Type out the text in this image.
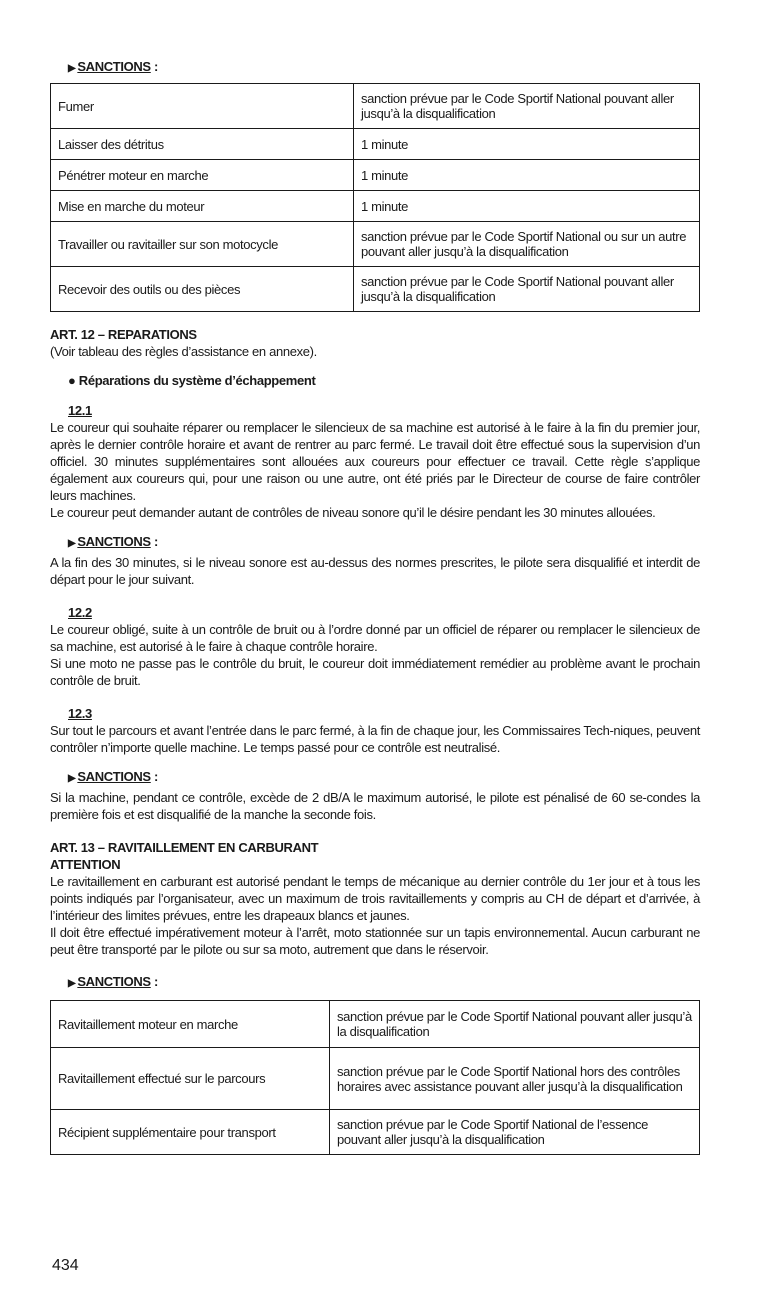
▶ SANCTIONS :
Fumer	sanction prévue par le Code Sportif National pouvant aller jusqu’à la disqualification
Laisser des détritus	1 minute
Pénétrer moteur en marche	1 minute
Mise en marche du moteur	1 minute
Travailler ou ravitailler sur son motocycle	sanction prévue par le Code Sportif National ou sur un autre pouvant aller jusqu’à la disqualification
Recevoir des outils ou des pièces	sanction prévue par le Code Sportif National pouvant aller jusqu’à la disqualification
ART. 12 – REPARATIONS
(Voir tableau des règles d’assistance en annexe).
● Réparations du système d’échappement
12.1

Le coureur qui souhaite réparer ou remplacer le silencieux de sa machine est autorisé à le faire à la fin du premier jour, après le dernier contrôle horaire et avant de rentrer au parc fermé. Le travail doit être effectué sous la supervision d’un officiel. 30 minutes supplémentaires sont allouées aux coureurs pour effectuer ce travail. Cette règle s’applique également aux coureurs qui, pour une raison ou une autre, ont été priés par le Directeur de course de faire contrôler leurs machines.

Le coureur peut demander autant de contrôles de niveau sonore qu’il le désire pendant les 30 minutes allouées.

▶ SANCTIONS :

A la fin des 30 minutes, si le niveau sonore est au-dessus des normes prescrites, le pilote sera disqualifié et interdit de départ pour le jour suivant.

12.2

Le coureur obligé, suite à un contrôle de bruit ou à l’ordre donné par un officiel de réparer ou remplacer le silencieux de sa machine, est autorisé à le faire à chaque contrôle horaire.

Si une moto ne passe pas le contrôle du bruit, le coureur doit immédiatement remédier au problème avant le prochain contrôle de bruit.

12.3

Sur tout le parcours et avant l’entrée dans le parc fermé, à la fin de chaque jour, les Commissaires Tech-niques, peuvent contrôler n’importe quelle machine. Le temps passé pour ce contrôle est neutralisé.

▶ SANCTIONS :

Si la machine, pendant ce contrôle, excède de 2 dB/A le maximum autorisé, le pilote est pénalisé de 60 se-condes la première fois et est disqualifié de la manche la seconde fois.

ART. 13 – RAVITAILLEMENT EN CARBURANT
ATTENTION

Le ravitaillement en carburant est autorisé pendant le temps de mécanique au dernier contrôle du 1er jour et à tous les points indiqués par l’organisateur, avec un maximum de trois ravitaillements y compris au CH de départ et d’arrivée, à l’intérieur des limites prévues, entre les drapeaux blancs et jaunes.

Il doit être effectué impérativement moteur à l’arrêt, moto stationnée sur un tapis environnemental. Aucun carburant ne peut être transporté par le pilote ou sur sa moto, autrement que dans le réservoir.

▶ SANCTIONS :
Ravitaillement moteur en marche	sanction prévue par le Code Sportif National pouvant aller jusqu’à la disqualification
Ravitaillement effectué sur le parcours	sanction prévue par le Code Sportif National hors des contrôles horaires avec assistance pouvant aller jusqu’à la disqualification
Récipient supplémentaire pour transport	sanction prévue par le Code Sportif National de l’essence pouvant aller jusqu’à la disqualification
434
